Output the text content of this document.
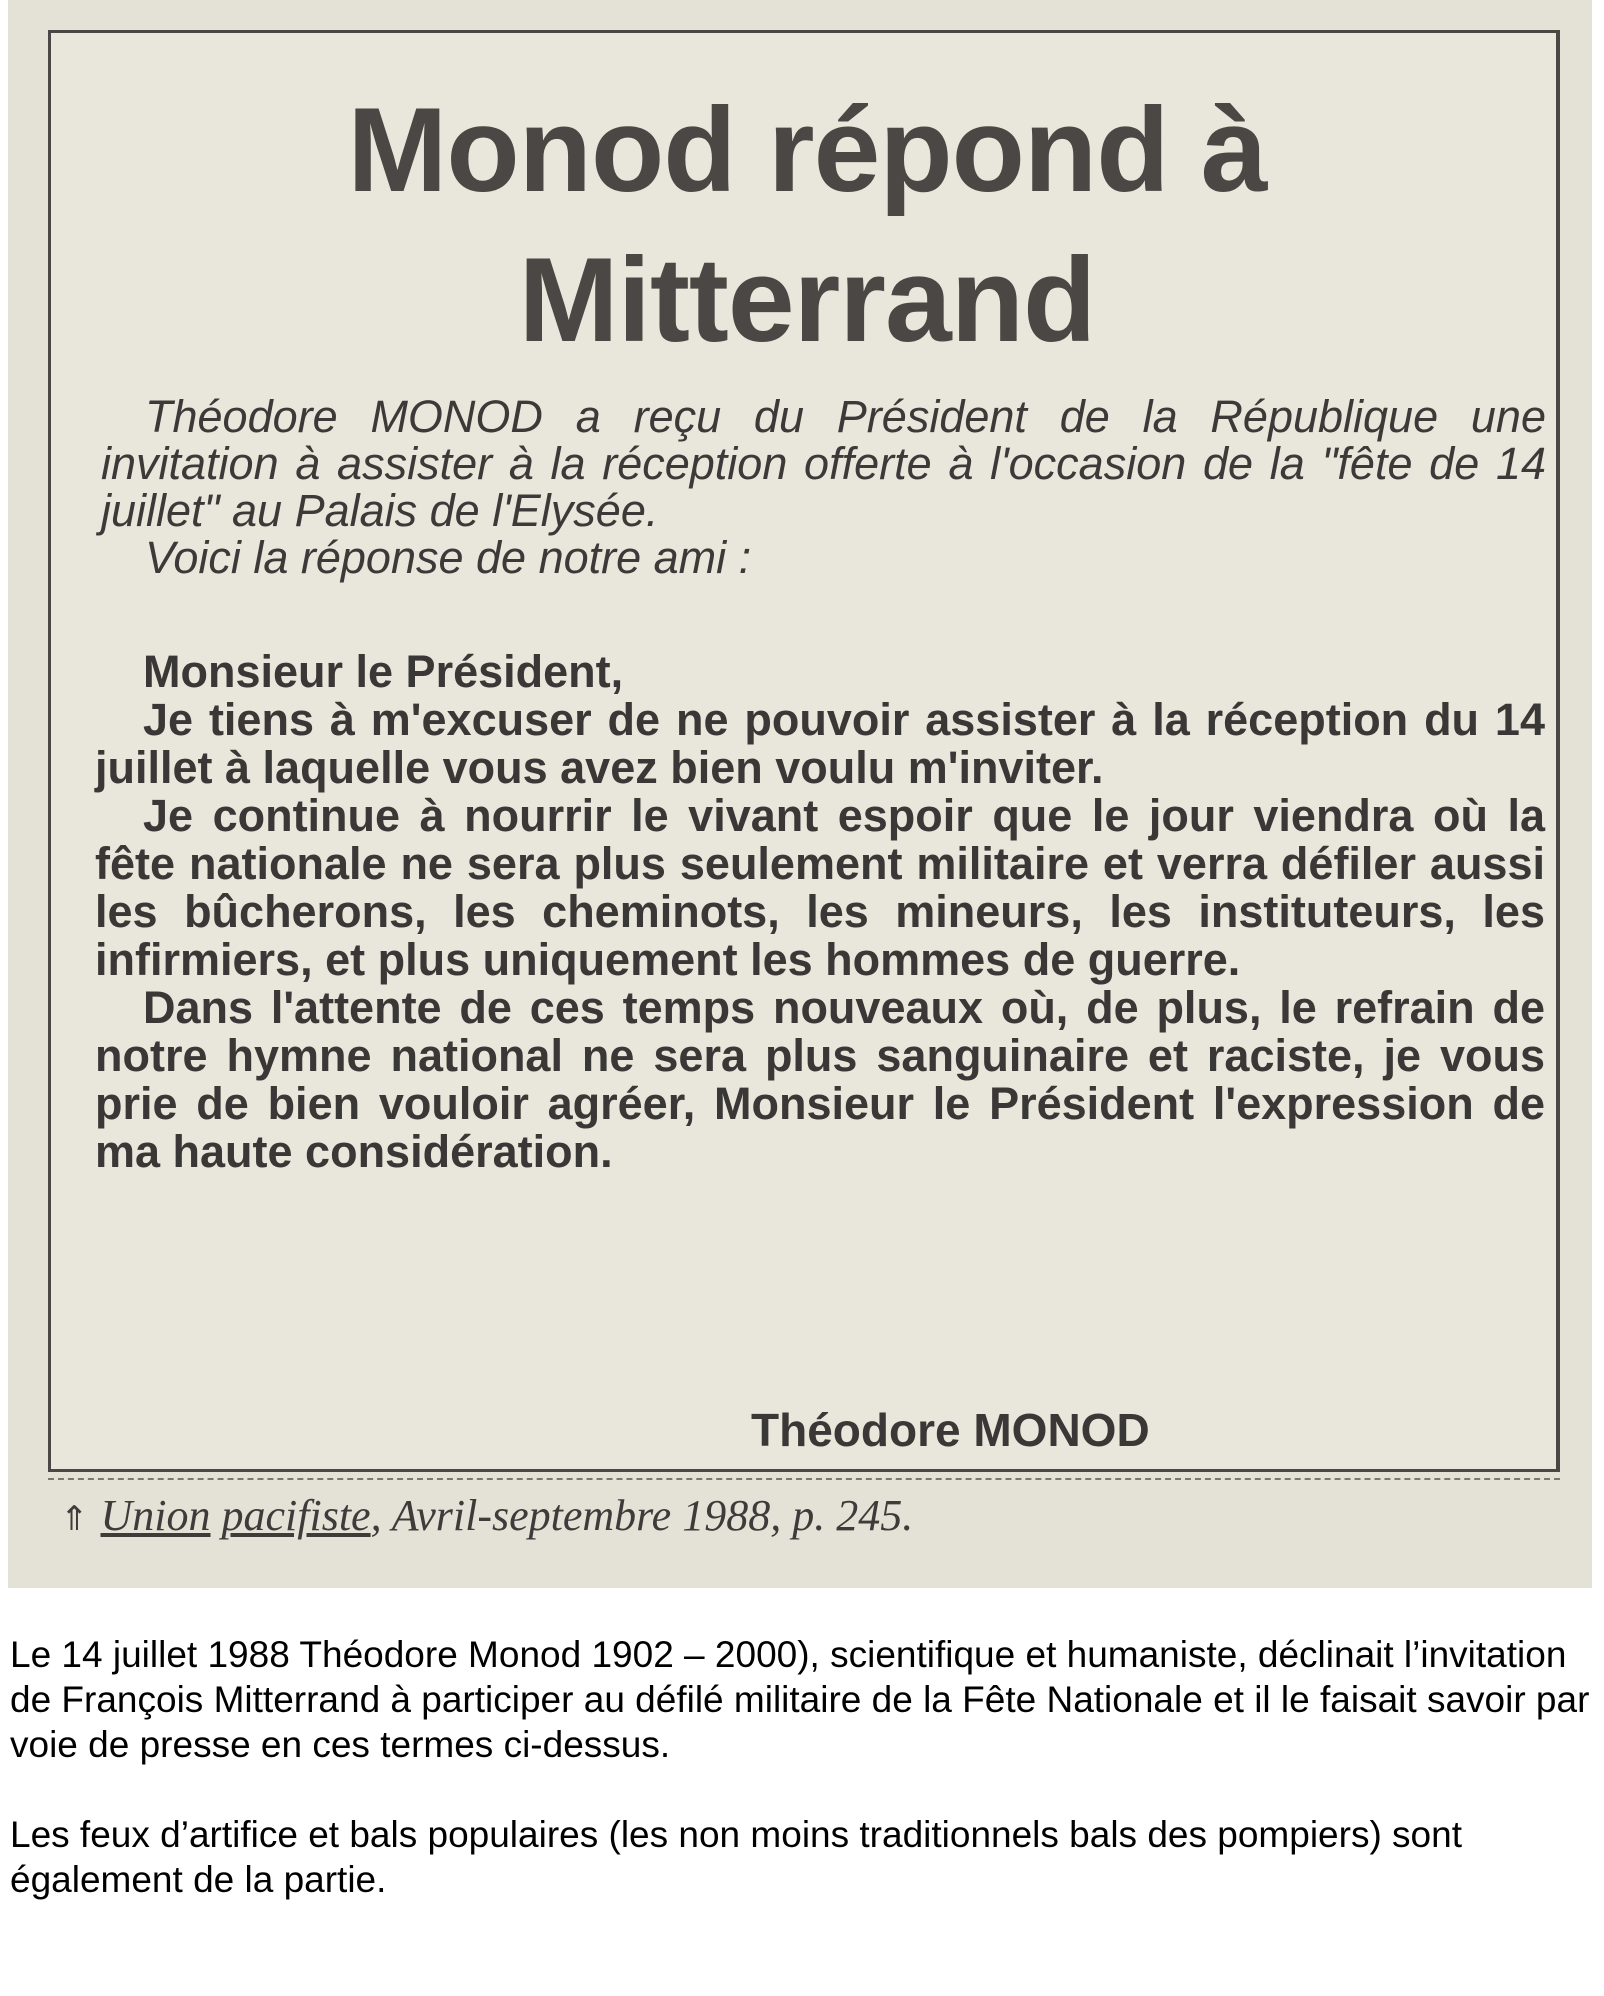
Monod répond à
Mitterrand

Théodore MONOD a reçu du Président de la République une invitation à assister à la réception offerte à l'occasion de la "fête de 14 juillet" au Palais de l'Elysée.

Voici la réponse de notre ami :

Monsieur le Président,

Je tiens à m'excuser de ne pouvoir assister à la réception du 14 juillet à laquelle vous avez bien voulu m'inviter.

Je continue à nourrir le vivant espoir que le jour viendra où la fête nationale ne sera plus seulement militaire et verra défiler aussi les bûcherons, les cheminots, les mineurs, les instituteurs, les infirmiers, et plus uniquement les hommes de guerre.

Dans l'attente de ces temps nouveaux où, de plus, le refrain de notre hymne national ne sera plus sanguinaire et raciste, je vous prie de bien vouloir agréer, Monsieur le Président l'expression de ma haute considération.

Théodore MONOD
⇑ Union pacifiste, Avril-septembre 1988, p. 245.

Le 14 juillet 1988 Théodore Monod 1902 – 2000), scientifique et humaniste, déclinait l’invitation de François Mitterrand à participer au défilé militaire de la Fête Nationale et il le faisait savoir par voie de presse en ces termes ci-dessus.

Les feux d’artifice et bals populaires (les non moins traditionnels bals des pompiers) sont également de la partie.
